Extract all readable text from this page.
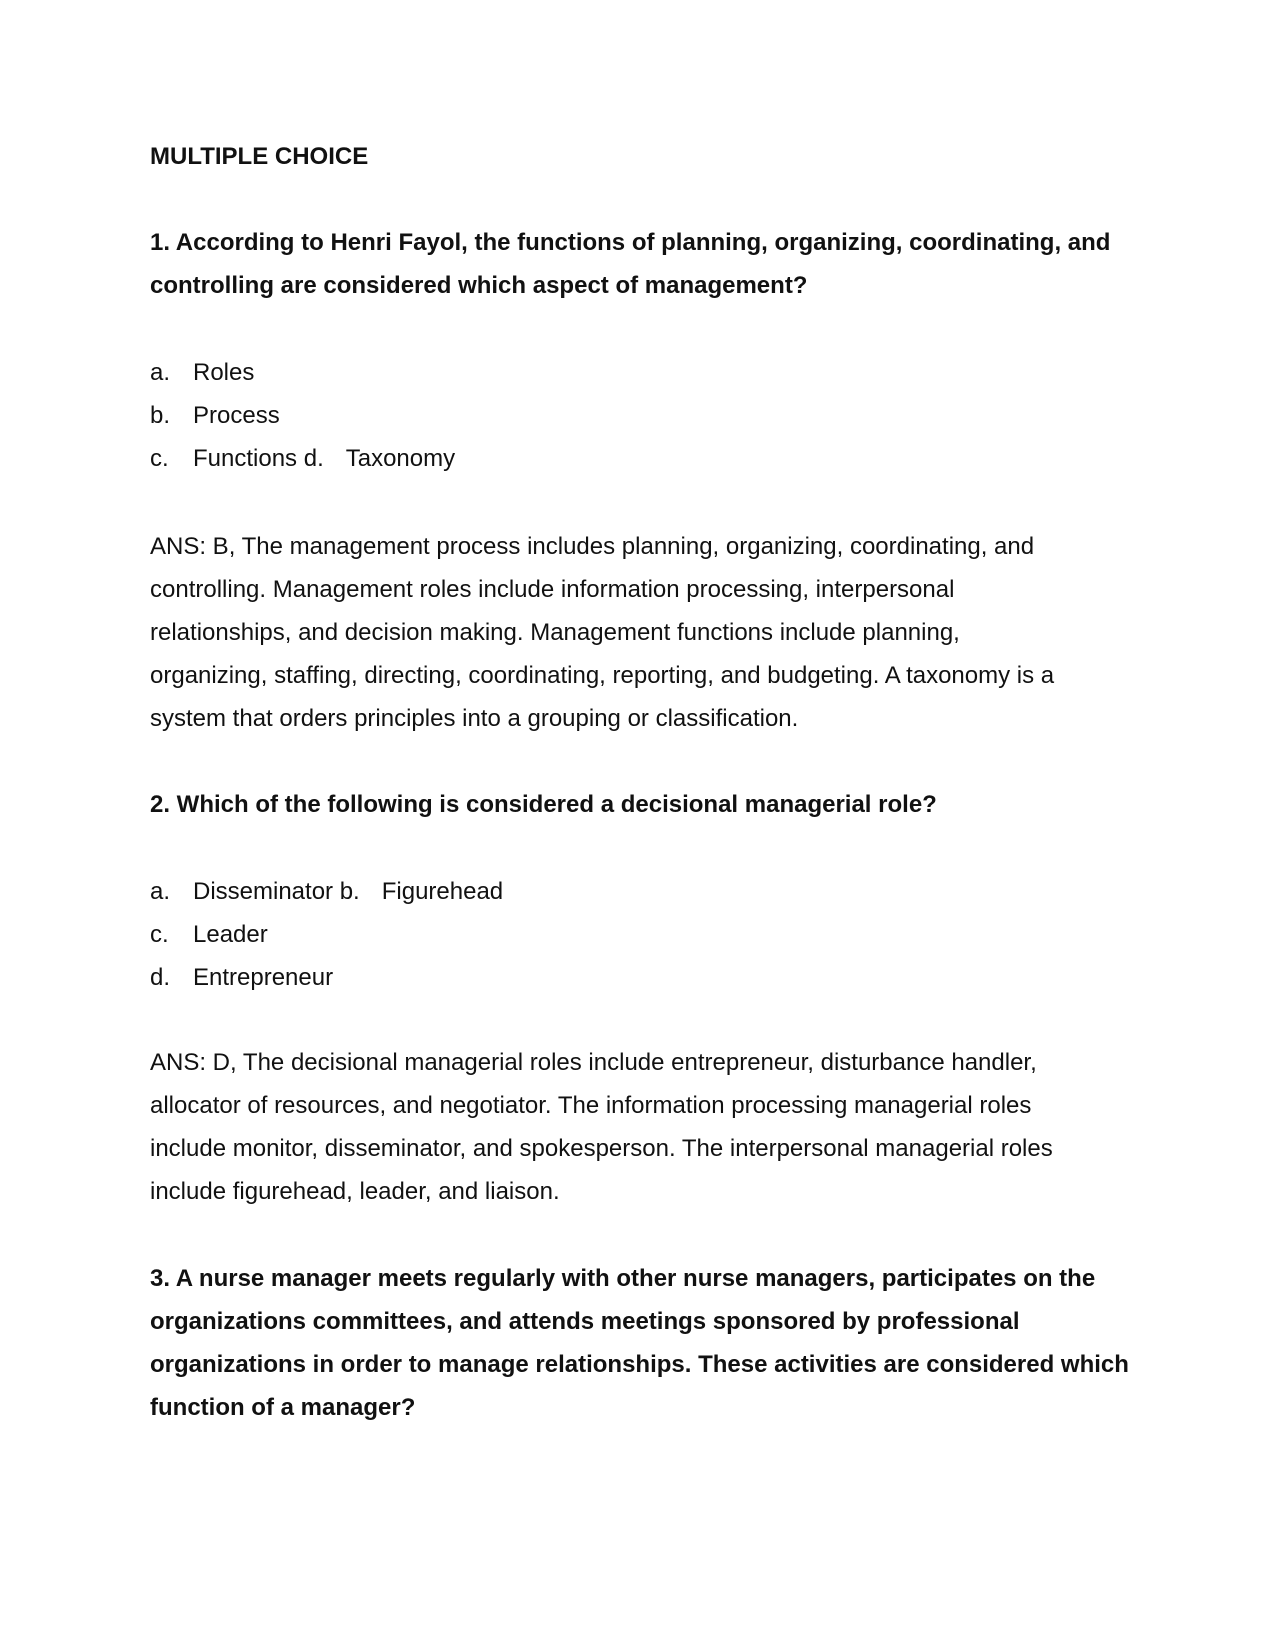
MULTIPLE CHOICE
1. According to Henri Fayol, the functions of planning, organizing, coordinating, and
controlling are considered which aspect of management?
a. Roles
b. Process
c. Functions d. Taxonomy
ANS: B, The management process includes planning, organizing, coordinating, and
controlling. Management roles include information processing, interpersonal
relationships, and decision making. Management functions include planning,
organizing, staffing, directing, coordinating, reporting, and budgeting. A taxonomy is a
system that orders principles into a grouping or classification.
2. Which of the following is considered a decisional managerial role?
a. Disseminator b. Figurehead
c. Leader
d. Entrepreneur
ANS: D, The decisional managerial roles include entrepreneur, disturbance handler,
allocator of resources, and negotiator. The information processing managerial roles
include monitor, disseminator, and spokesperson. The interpersonal managerial roles
include figurehead, leader, and liaison.
3. A nurse manager meets regularly with other nurse managers, participates on the
organizations committees, and attends meetings sponsored by professional
organizations in order to manage relationships. These activities are considered which
function of a manager?
